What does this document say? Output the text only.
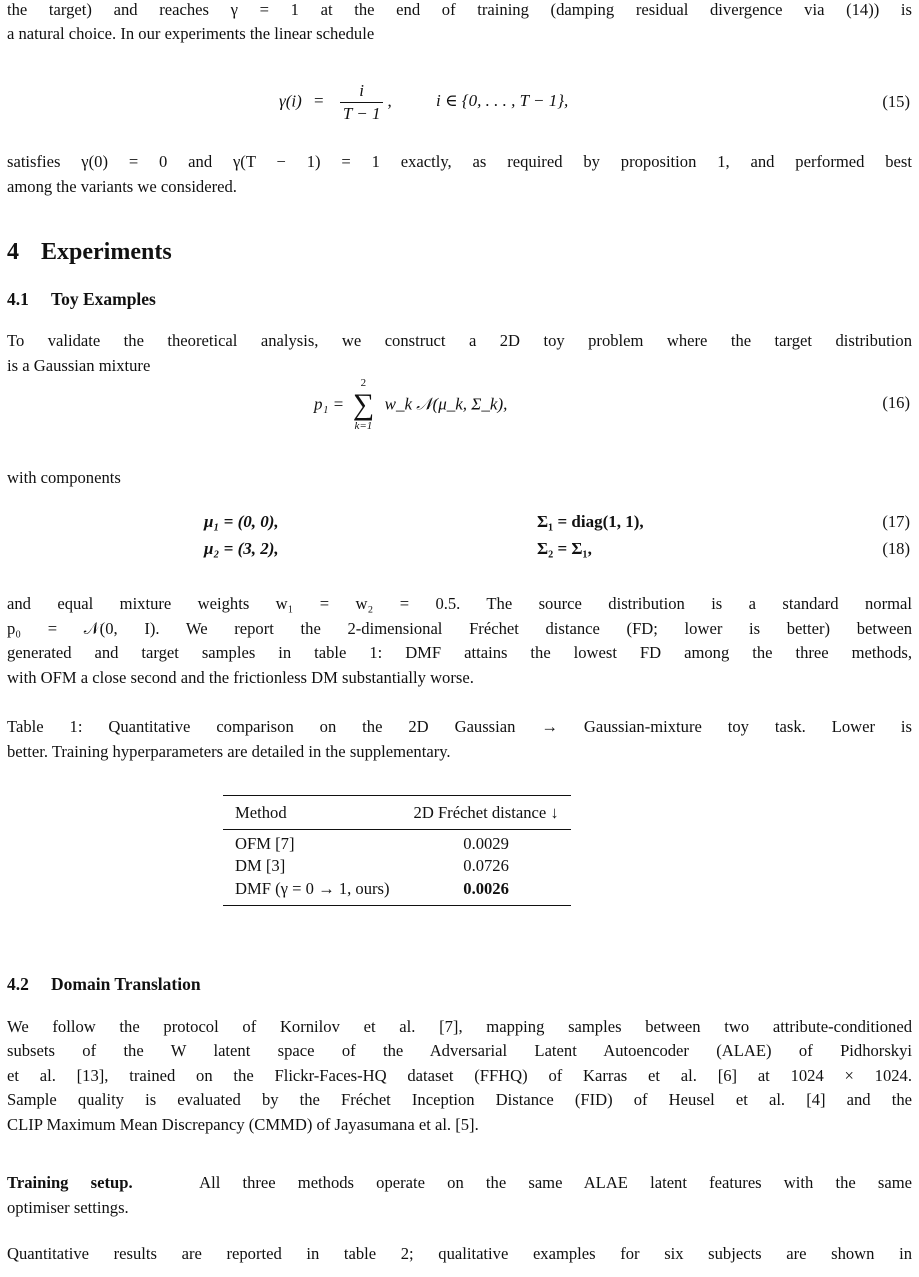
the target) and reaches γ = 1 at the end of training (damping residual divergence via (14)) is

a natural choice. In our experiments the linear schedule

$\gamma(i) = \frac{i}{T - 1}$ ,	i ∈ {0, . . . , T − 1},	(15)

satisfies γ(0) = 0 and γ(T − 1) = 1 exactly, as required by proposition 1, and performed best

among the variants we considered.

4 Experiments
4.1 Toy Examples

To validate the theoretical analysis, we construct a 2D toy problem where the target distribution

is a Gaussian mixture

p₁ =
2
∑
k=1
w_k 𝒩(μ_k, Σ_k),	(16)

with components

μ₁ = (0, 0),	Σ₁ = diag(1, 1),	(17)
μ₂ = (3, 2),	Σ₂ = Σ₁,	(18)

and equal mixture weights w₁ = w₂ = 0.5. The source distribution is a standard normal

p₀ = 𝒩(0, I). We report the 2-dimensional Fréchet distance (FD; lower is better) between

generated and target samples in table 1: DMF attains the lowest FD among the three methods,

with OFM a close second and the frictionless DM substantially worse.

Table 1: Quantitative comparison on the 2D Gaussian → Gaussian-mixture toy task. Lower is

better. Training hyperparameters are detailed in the supplementary.

Method	2D Fréchet distance ↓
OFM [7]	0.0029
DM [3]	0.0726
DMF (γ = 0 → 1, ours)	0.0026
4.2 Domain Translation

We follow the protocol of Kornilov et al. [7], mapping samples between two attribute-conditioned

subsets of the W latent space of the Adversarial Latent Autoencoder (ALAE) of Pidhorskyi

et al. [13], trained on the Flickr-Faces-HQ dataset (FFHQ) of Karras et al. [6] at 1024 × 1024.

Sample quality is evaluated by the Fréchet Inception Distance (FID) of Heusel et al. [4] and the

CLIP Maximum Mean Discrepancy (CMMD) of Jayasumana et al. [5].

Training setup.	All three methods operate on the same ALAE latent features with the same

optimiser settings.

Quantitative results are reported in table 2; qualitative examples for six subjects are shown in
